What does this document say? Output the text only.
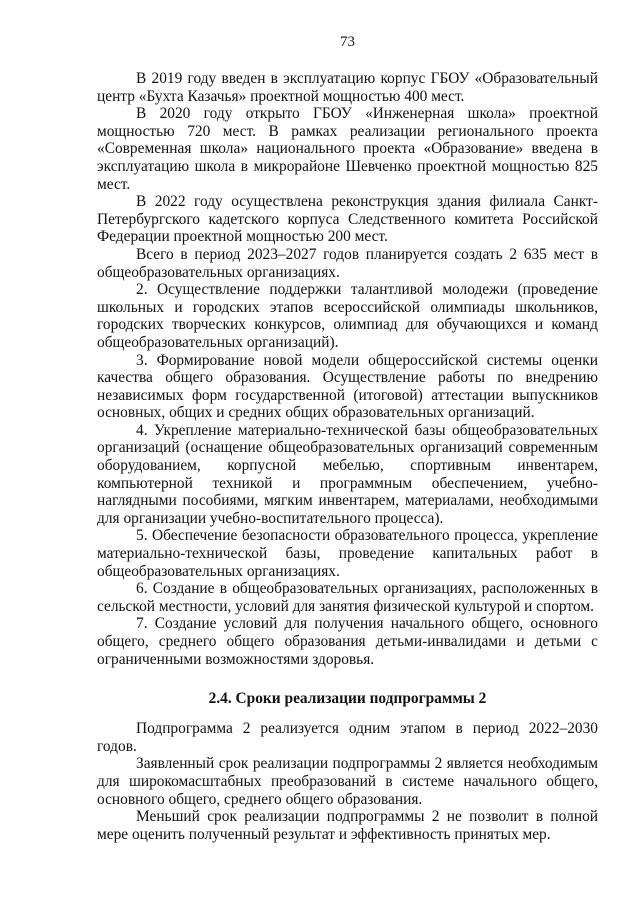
73

В 2019 году введен в эксплуатацию корпус ГБОУ «Образовательный центр «Бухта Казачья» проектной мощностью 400 мест.

В 2020 году открыто ГБОУ «Инженерная школа» проектной мощностью 720 мест. В рамках реализации регионального проекта «Современная школа» национального проекта «Образование» введена в эксплуатацию школа в микрорайоне Шевченко проектной мощностью 825 мест.

В 2022 году осуществлена реконструкция здания филиала Санкт-Петербургского кадетского корпуса Следственного комитета Российской Федерации проектной мощностью 200 мест.

Всего в период 2023–2027 годов планируется создать 2 635 мест в общеобразовательных организациях.

2. Осуществление поддержки талантливой молодежи (проведение школьных и городских этапов всероссийской олимпиады школьников, городских творческих конкурсов, олимпиад для обучающихся и команд общеобразовательных организаций).

3. Формирование новой модели общероссийской системы оценки качества общего образования. Осуществление работы по внедрению независимых форм государственной (итоговой) аттестации выпускников основных, общих и средних общих образовательных организаций.

4. Укрепление материально-технической базы общеобразовательных организаций (оснащение общеобразовательных организаций современным оборудованием, корпусной мебелью, спортивным инвентарем, компьютерной техникой и программным обеспечением, учебно-наглядными пособиями, мягким инвентарем, материалами, необходимыми для организации учебно-воспитательного процесса).

5. Обеспечение безопасности образовательного процесса, укрепление материально-технической базы, проведение капитальных работ в общеобразовательных организациях.

6. Создание в общеобразовательных организациях, расположенных в сельской местности, условий для занятия физической культурой и спортом.

7. Создание условий для получения начального общего, основного общего, среднего общего образования детьми-инвалидами и детьми с ограниченными возможностями здоровья.

2.4. Сроки реализации подпрограммы 2

Подпрограмма 2 реализуется одним этапом в период 2022–2030 годов.

Заявленный срок реализации подпрограммы 2 является необходимым для широкомасштабных преобразований в системе начального общего, основного общего, среднего общего образования.

Меньший срок реализации подпрограммы 2 не позволит в полной мере оценить полученный результат и эффективность принятых мер.
